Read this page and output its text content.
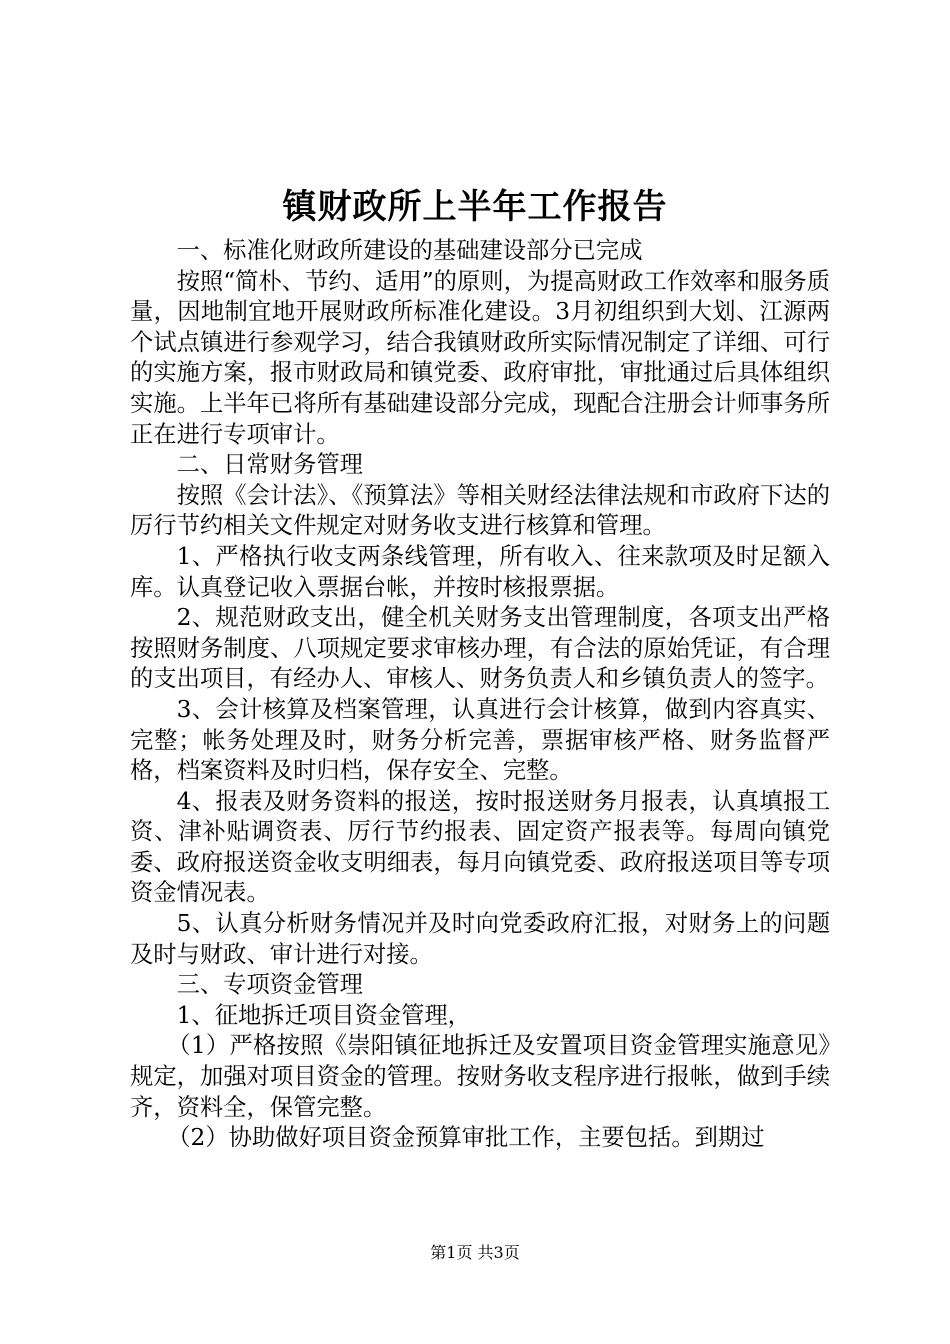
镇财政所上半年工作报告

一、标准化财政所建设的基础建设部分已完成

按照“简朴、节约、适用”的原则，为提高财政工作效率和服务质量，因地制宜地开展财政所标准化建设。3月初组织到大划、江源两个试点镇进行参观学习，结合我镇财政所实际情况制定了详细、可行的实施方案，报市财政局和镇党委、政府审批，审批通过后具体组织实施。上半年已将所有基础建设部分完成，现配合注册会计师事务所正在进行专项审计。

二、日常财务管理

按照《会计法》、《预算法》等相关财经法律法规和市政府下达的厉行节约相关文件规定对财务收支进行核算和管理。

1、严格执行收支两条线管理，所有收入、往来款项及时足额入库。认真登记收入票据台帐，并按时核报票据。

2、规范财政支出，健全机关财务支出管理制度，各项支出严格按照财务制度、八项规定要求审核办理，有合法的原始凭证，有合理的支出项目，有经办人、审核人、财务负责人和乡镇负责人的签字。

3、会计核算及档案管理，认真进行会计核算，做到内容真实、完整；帐务处理及时，财务分析完善，票据审核严格、财务监督严格，档案资料及时归档，保存安全、完整。

4、报表及财务资料的报送，按时报送财务月报表，认真填报工资、津补贴调资表、厉行节约报表、固定资产报表等。每周向镇党委、政府报送资金收支明细表，每月向镇党委、政府报送项目等专项资金情况表。

5、认真分析财务情况并及时向党委政府汇报，对财务上的问题及时与财政、审计进行对接。

三、专项资金管理

1、征地拆迁项目资金管理，

（1）严格按照《崇阳镇征地拆迁及安置项目资金管理实施意见》规定，加强对项目资金的管理。按财务收支程序进行报帐，做到手续齐，资料全，保管完整。

（2）协助做好项目资金预算审批工作，主要包括。到期过

第1页 共3页
